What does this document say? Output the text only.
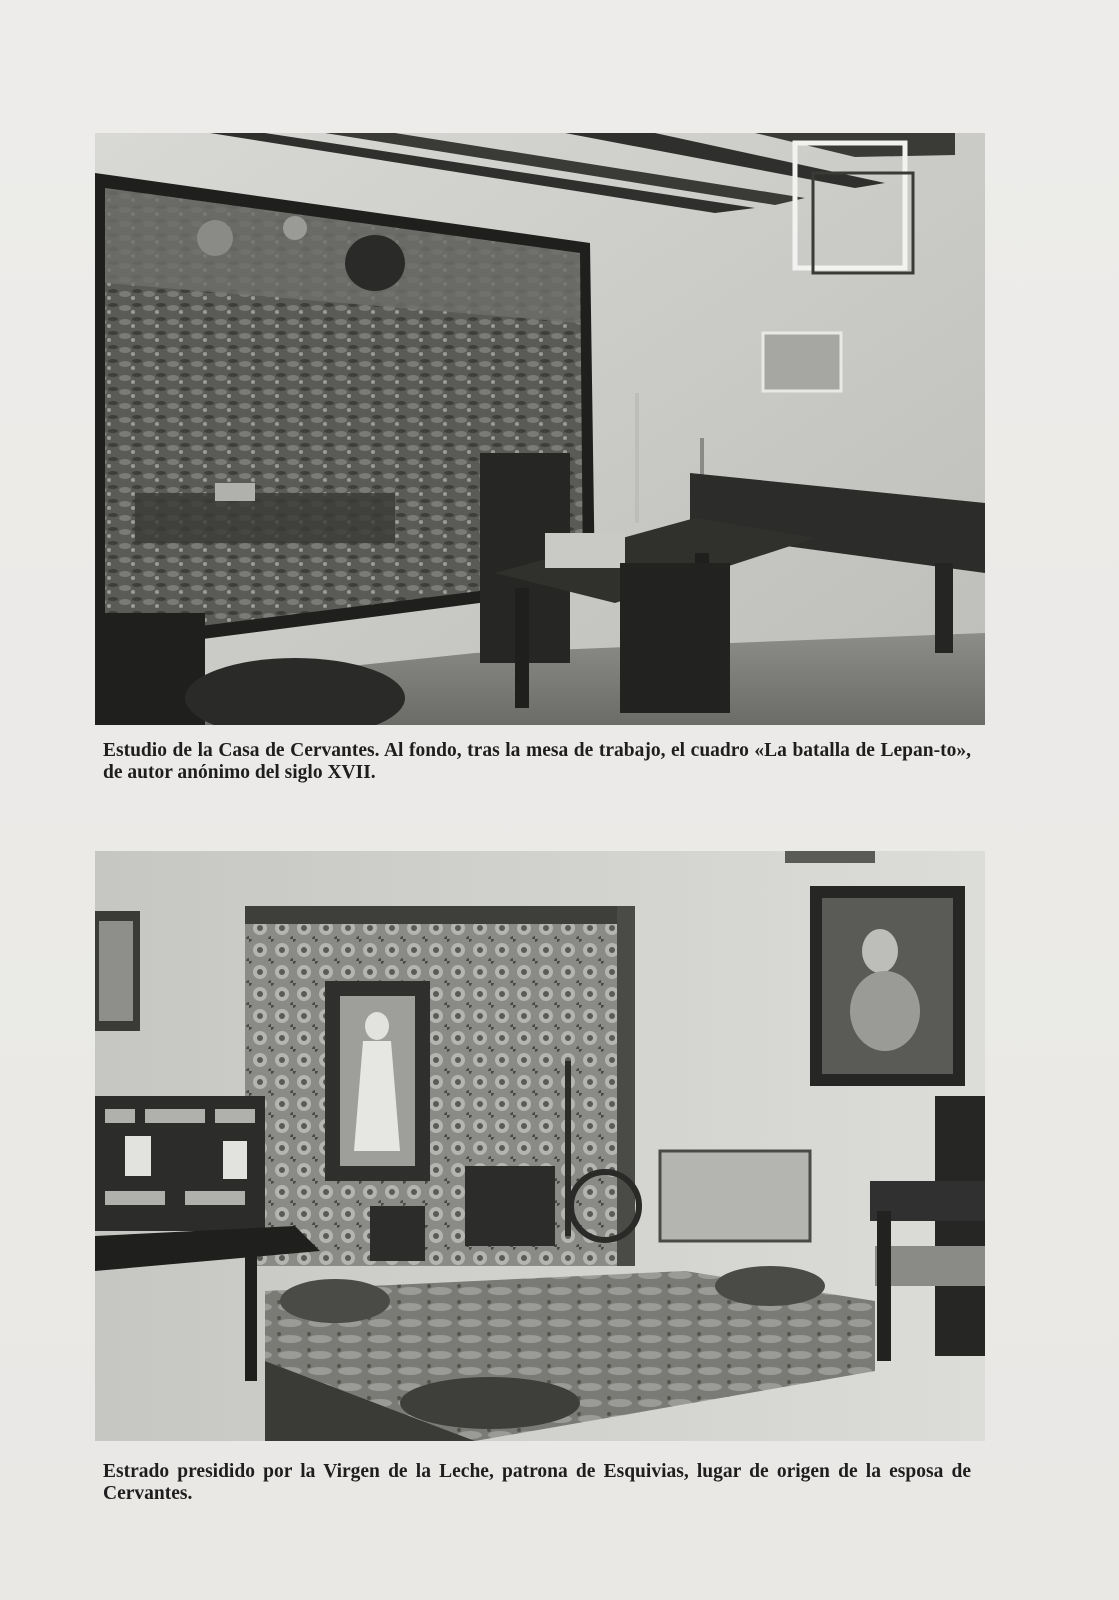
Estudio de la Casa de Cervantes. Al fondo, tras la mesa de trabajo, el cuadro «La batalla de Lepan-to», de autor anónimo del siglo XVII.

Estrado presidido por la Virgen de la Leche, patrona de Esquivias, lugar de origen de la esposa de Cervantes.
